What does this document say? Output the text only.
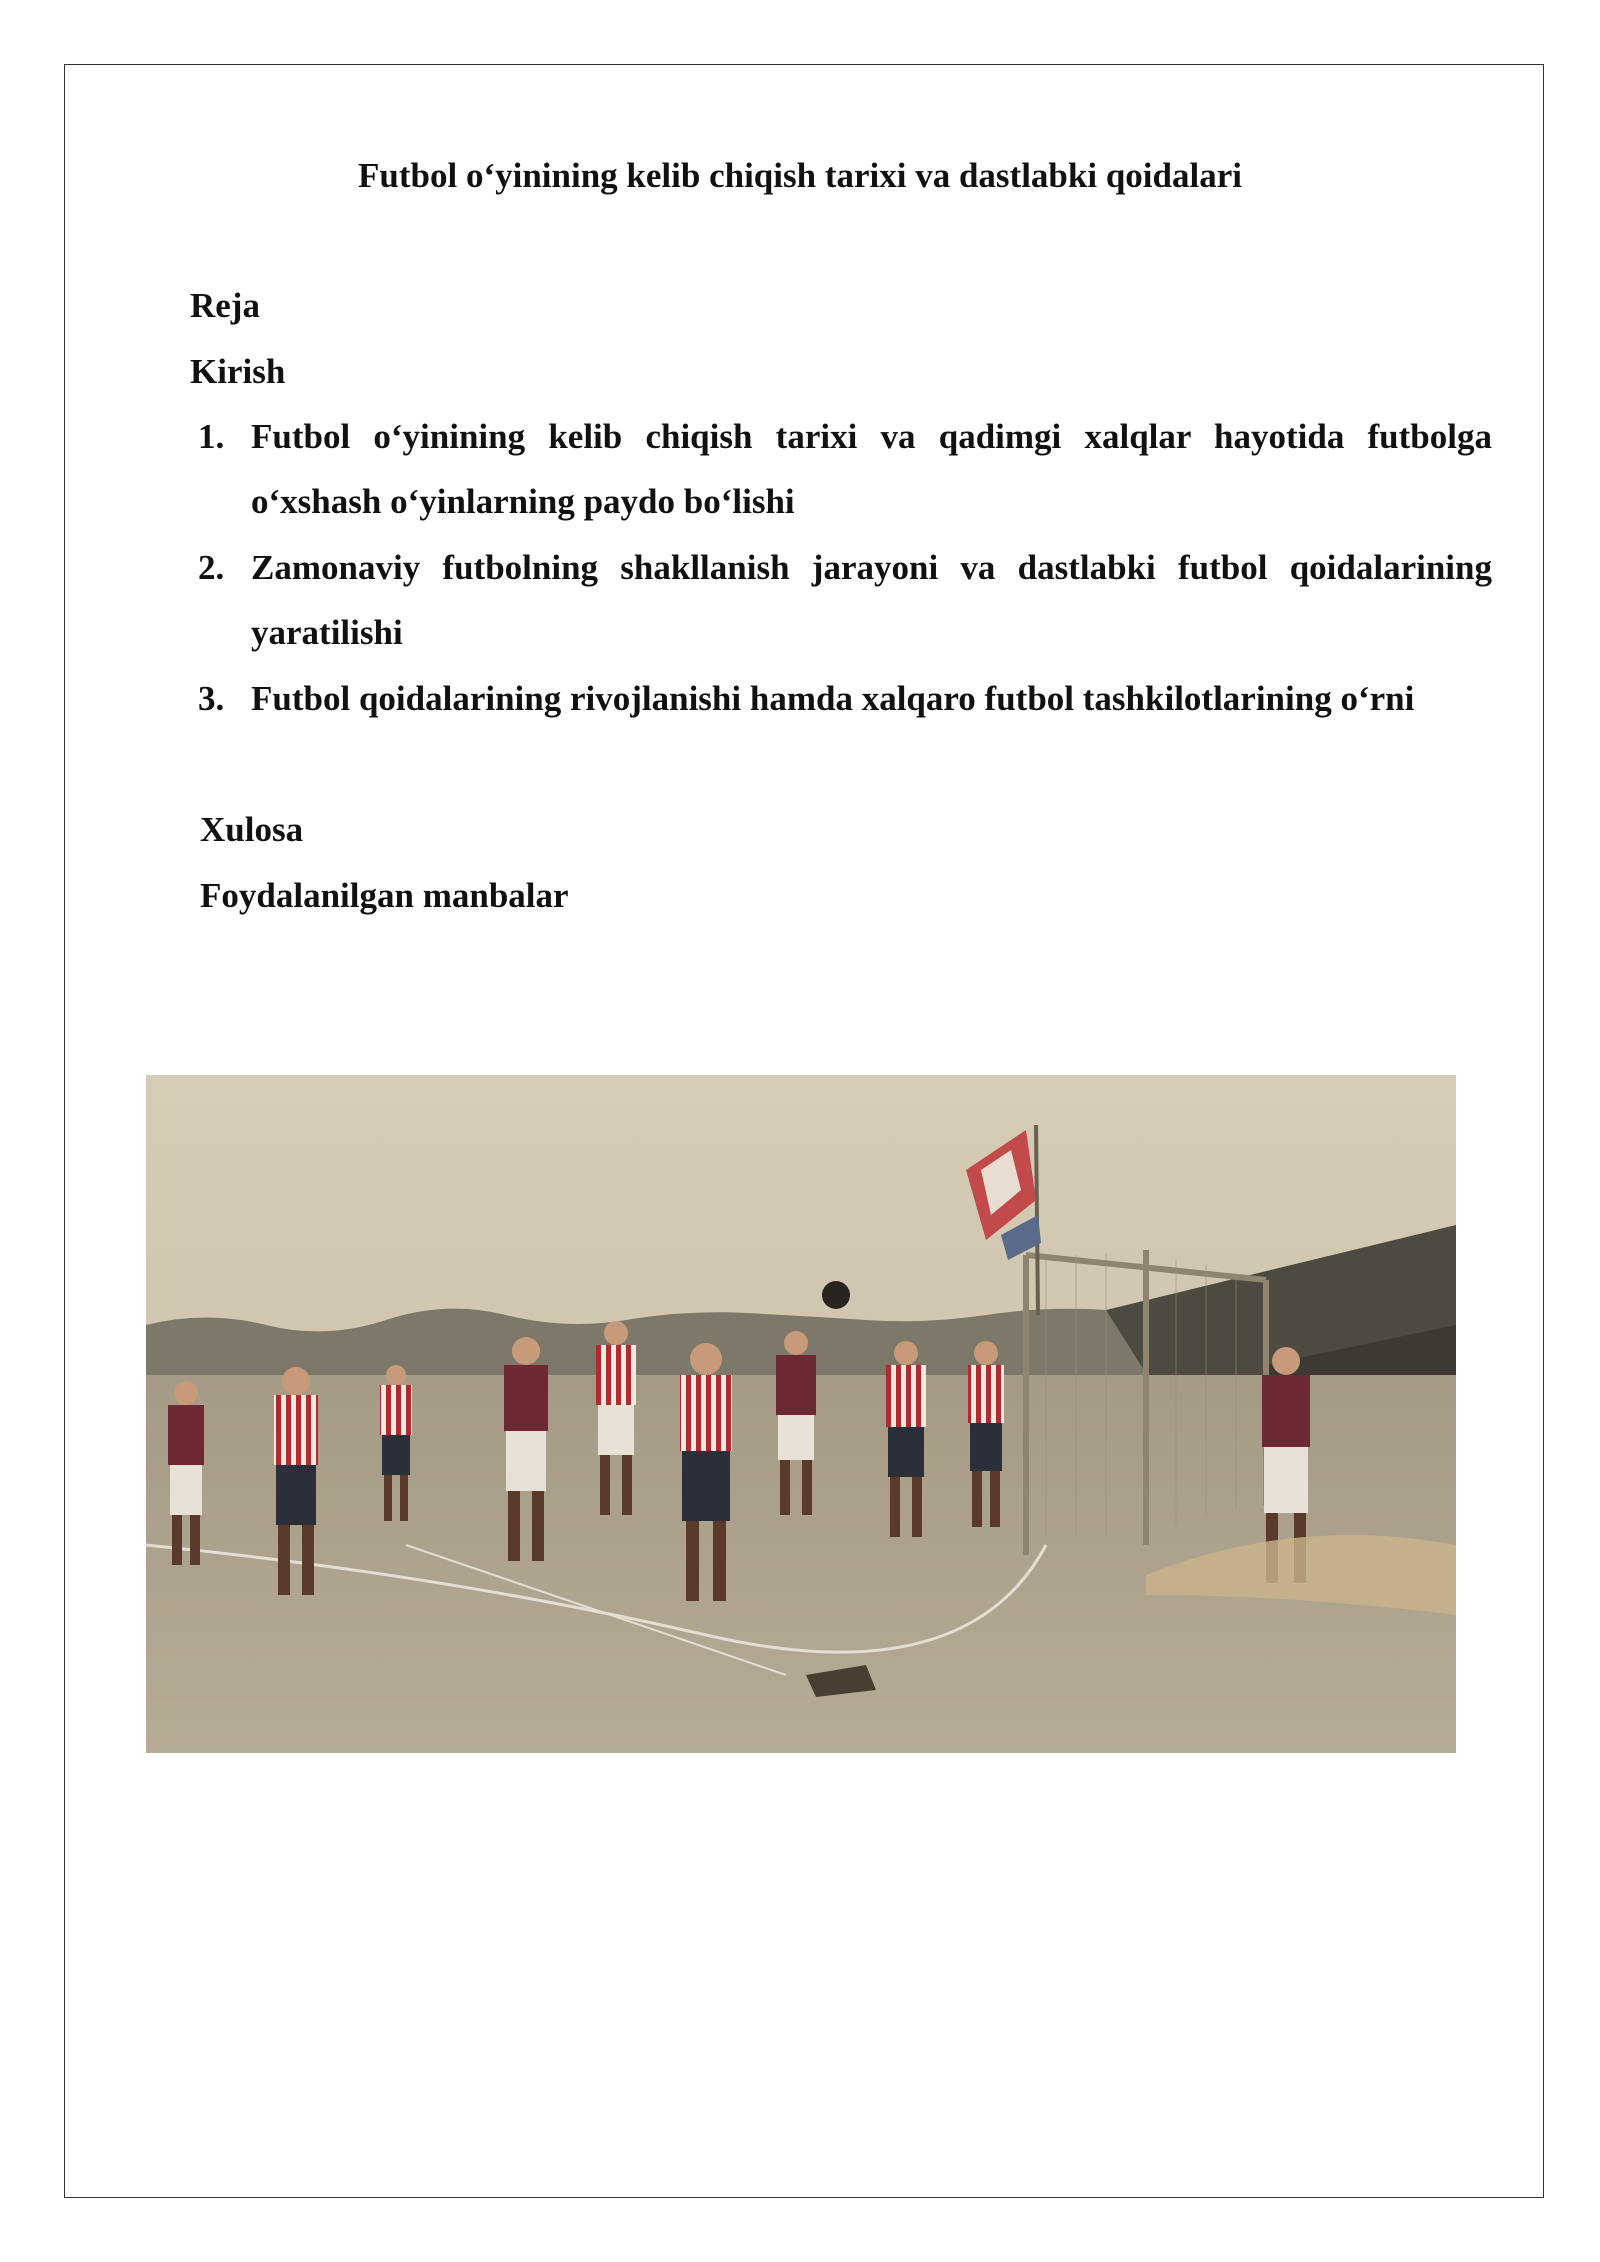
Futbol o‘yinining kelib chiqish tarixi va dastlabki qoidalari
Reja
Kirish
1. Futbol o‘yinining kelib chiqish tarixi va qadimgi xalqlar hayotida futbolga o‘xshash o‘yinlarning paydo bo‘lishi
2. Zamonaviy futbolning shakllanish jarayoni va dastlabki futbol qoidalarining yaratilishi
3. Futbol qoidalarining rivojlanishi hamda xalqaro futbol tashkilotlarining o‘rni
Xulosa
Foydalanilgan manbalar
